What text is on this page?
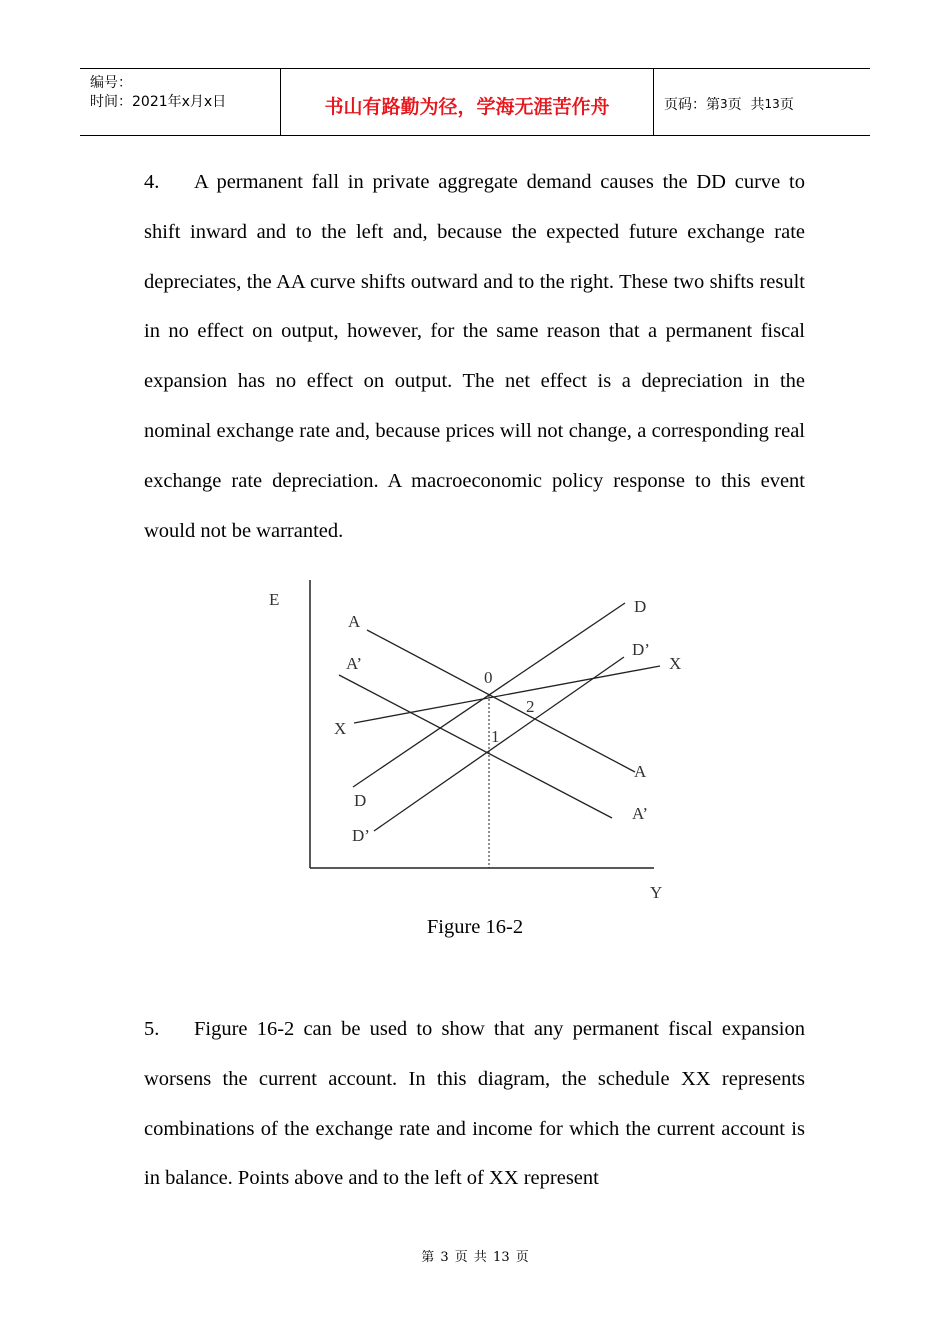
编号：
时间：2021年x月x日	书山有路勤为径，学海无涯苦作舟	页码：第 3 页  共 13 页
4. A permanent fall in private aggregate demand causes the DD curve to shift inward and to the left and, because the expected future exchange rate depreciates, the AA curve shifts outward and to the right. These two shifts result in no effect on output, however, for the same reason that a permanent fiscal expansion has no effect on output. The net effect is a depreciation in the nominal exchange rate and, because prices will not change, a corresponding real exchange rate depreciation. A macroeconomic policy response to this event would not be warranted.
E
Y
A
A
A’
A’
D
D
D’
D’
X
X
0
1
2
Figure 16-2
5. Figure 16-2 can be used to show that any permanent fiscal expansion worsens the current account. In this diagram, the schedule XX represents combinations of the exchange rate and income for which the current account is in balance. Points above and to the left of XX represent
第 3 页 共 13 页
